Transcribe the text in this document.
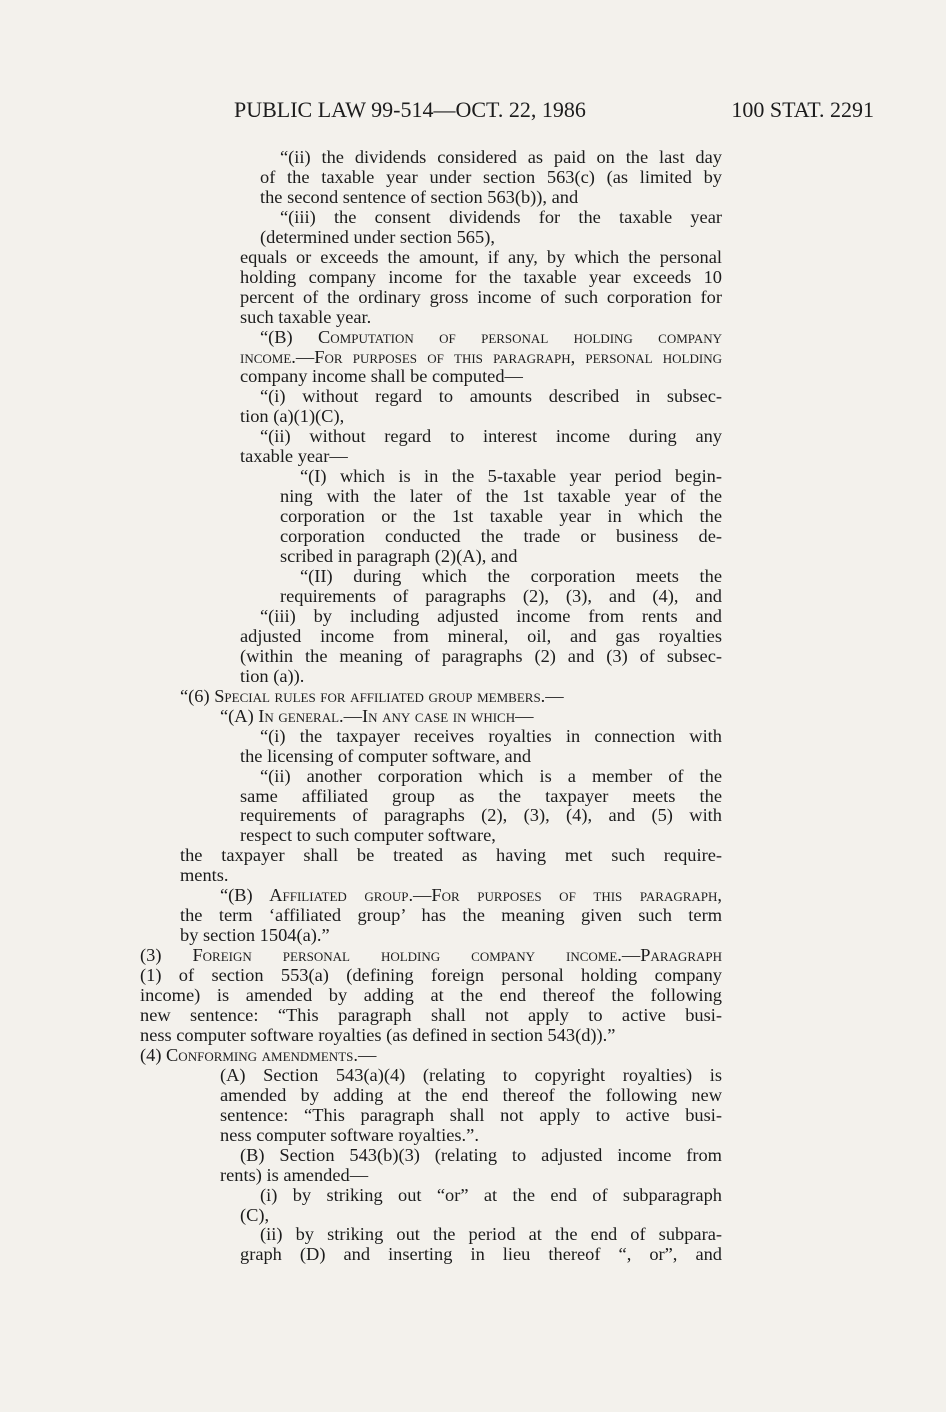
PUBLIC LAW 99-514—OCT. 22, 1986	100 STAT. 2291
“(ii) the dividends considered as paid on the last day
of the taxable year under section 563(c) (as limited by
the second sentence of section 563(b)), and
“(iii) the consent dividends for the taxable year
(determined under section 565),
equals or exceeds the amount, if any, by which the personal
holding company income for the taxable year exceeds 10
percent of the ordinary gross income of such corporation for
such taxable year.
“(B) Computation of personal holding company
income.—For purposes of this paragraph, personal holding
company income shall be computed—
“(i) without regard to amounts described in subsec-
tion (a)(1)(C),
“(ii) without regard to interest income during any
taxable year—
“(I) which is in the 5-taxable year period begin-
ning with the later of the 1st taxable year of the
corporation or the 1st taxable year in which the
corporation conducted the trade or business de-
scribed in paragraph (2)(A), and
“(II) during which the corporation meets the
requirements of paragraphs (2), (3), and (4), and
“(iii) by including adjusted income from rents and
adjusted income from mineral, oil, and gas royalties
(within the meaning of paragraphs (2) and (3) of subsec-
tion (a)).
“(6) Special rules for affiliated group members.—
“(A) In general.—In any case in which—
“(i) the taxpayer receives royalties in connection with
the licensing of computer software, and
“(ii) another corporation which is a member of the
same affiliated group as the taxpayer meets the
requirements of paragraphs (2), (3), (4), and (5) with
respect to such computer software,
the taxpayer shall be treated as having met such require-
ments.
“(B) Affiliated group.—For purposes of this paragraph,
the term ‘affiliated group’ has the meaning given such term
by section 1504(a).”
(3) Foreign personal holding company income.—Paragraph
(1) of section 553(a) (defining foreign personal holding company
income) is amended by adding at the end thereof the following
new sentence: “This paragraph shall not apply to active busi-
ness computer software royalties (as defined in section 543(d)).”
(4) Conforming amendments.—
(A) Section 543(a)(4) (relating to copyright royalties) is
amended by adding at the end thereof the following new
sentence: “This paragraph shall not apply to active busi-
ness computer software royalties.”.
(B) Section 543(b)(3) (relating to adjusted income from
rents) is amended—
(i) by striking out “or” at the end of subparagraph
(C),
(ii) by striking out the period at the end of subpara-
graph (D) and inserting in lieu thereof “, or”, and
